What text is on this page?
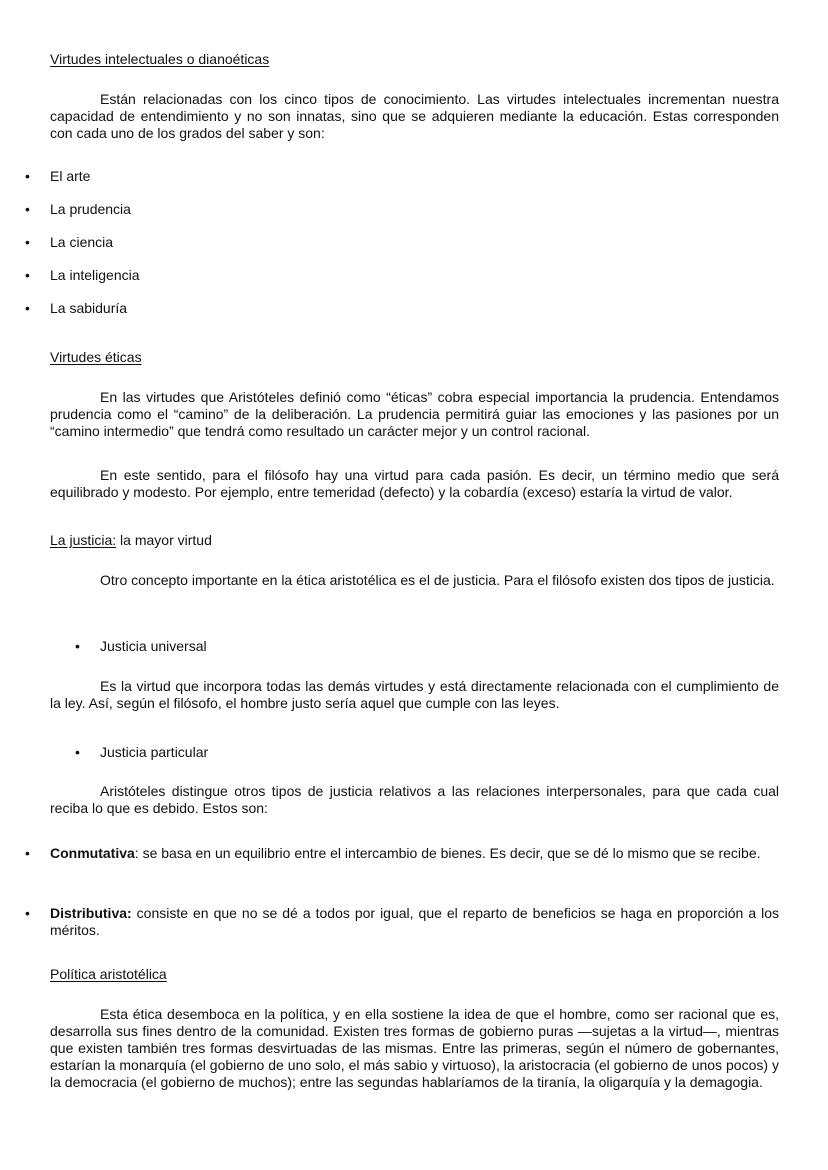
Virtudes intelectuales o dianoéticas

Están relacionadas con los cinco tipos de conocimiento. Las virtudes intelectuales incrementan nuestra capacidad de entendimiento y no son innatas, sino que se adquieren mediante la educación. Estas corresponden con cada uno de los grados del saber y son:

• El arte

• La prudencia

• La ciencia

• La inteligencia

• La sabiduría

Virtudes éticas

En las virtudes que Aristóteles definió como “éticas” cobra especial importancia la prudencia. Entendamos prudencia como el “camino” de la deliberación. La prudencia permitirá guiar las emociones y las pasiones por un “camino intermedio” que tendrá como resultado un carácter mejor y un control racional.

En este sentido, para el filósofo hay una virtud para cada pasión. Es decir, un término medio que será equilibrado y modesto. Por ejemplo, entre temeridad (defecto) y la cobardía (exceso) estaría la virtud de valor.

La justicia: la mayor virtud

Otro concepto importante en la ética aristotélica es el de justicia. Para el filósofo existen dos tipos de justicia.

• Justicia universal

Es la virtud que incorpora todas las demás virtudes y está directamente relacionada con el cumplimiento de la ley. Así, según el filósofo, el hombre justo sería aquel que cumple con las leyes.

• Justicia particular

Aristóteles distingue otros tipos de justicia relativos a las relaciones interpersonales, para que cada cual reciba lo que es debido. Estos son:

• Conmutativa: se basa en un equilibrio entre el intercambio de bienes. Es decir, que se dé lo mismo que se recibe.

• Distributiva: consiste en que no se dé a todos por igual, que el reparto de beneficios se haga en proporción a los méritos.

Política aristotélica

Esta ética desemboca en la política, y en ella sostiene la idea de que el hombre, como ser racional que es, desarrolla sus fines dentro de la comunidad. Existen tres formas de gobierno puras —sujetas a la virtud—, mientras que existen también tres formas desvirtuadas de las mismas. Entre las primeras, según el número de gobernantes, estarían la monarquía (el gobierno de uno solo, el más sabio y virtuoso), la aristocracia (el gobierno de unos pocos) y la democracia (el gobierno de muchos); entre las segundas hablaríamos de la tiranía, la oligarquía y la demagogia.
